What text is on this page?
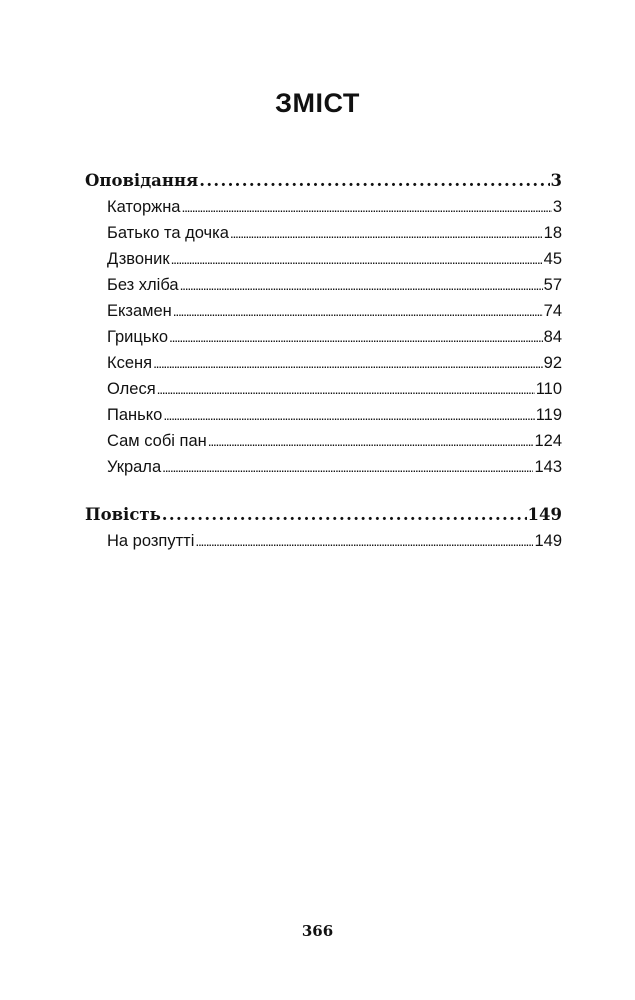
ЗМІСТ
Оповідання . . .	3
Каторжна . . .	3
Батько та дочка . . .	18
Дзвоник . . .	45
Без хліба . . .	57
Екзамен . . .	74
Грицько . . .	84
Ксеня . . .	92
Олеся . . .	110
Панько . . .	119
Сам собі пан . . .	124
Украла . . .	143
Повість . . .	149
На розпутті . . .	149
366
